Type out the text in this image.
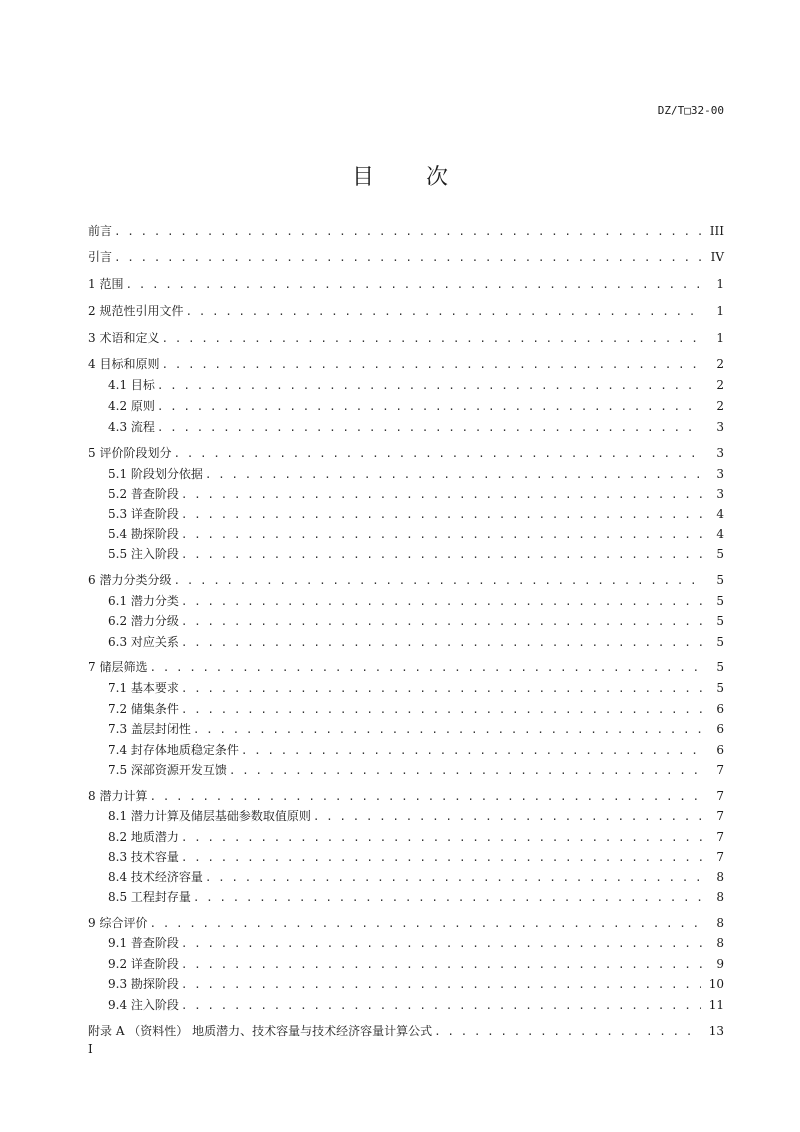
DZ/T□32-00
目 次
前言 . . .	III
引言 . . .	IV
1 范围 . . .	1
2 规范性引用文件 . . .	1
3 术语和定义 . . .	1
4 目标和原则 . . .	2
4.1 目标 . . .	2
4.2 原则 . . .	2
4.3 流程 . . .	3
5 评价阶段划分 . . .	3
5.1 阶段划分依据 . . .	3
5.2 普查阶段 . . .	3
5.3 详查阶段 . . .	4
5.4 勘探阶段 . . .	4
5.5 注入阶段 . . .	5
6 潜力分类分级 . . .	5
6.1 潜力分类 . . .	5
6.2 潜力分级 . . .	5
6.3 对应关系 . . .	5
7 储层筛选 . . .	5
7.1 基本要求 . . .	5
7.2 储集条件 . . .	6
7.3 盖层封闭性 . . .	6
7.4 封存体地质稳定条件 . . .	6
7.5 深部资源开发互馈 . . .	7
8 潜力计算 . . .	7
8.1 潜力计算及储层基础参数取值原则 . . .	7
8.2 地质潜力 . . .	7
8.3 技术容量 . . .	7
8.4 技术经济容量 . . .	8
8.5 工程封存量 . . .	8
9 综合评价 . . .	8
9.1 普查阶段 . . .	8
9.2 详查阶段 . . .	9
9.3 勘探阶段 . . .	10
9.4 注入阶段 . . .	11
附录 A （资料性） 地质潜力、技术容量与技术经济容量计算公式 . . .	13
I
